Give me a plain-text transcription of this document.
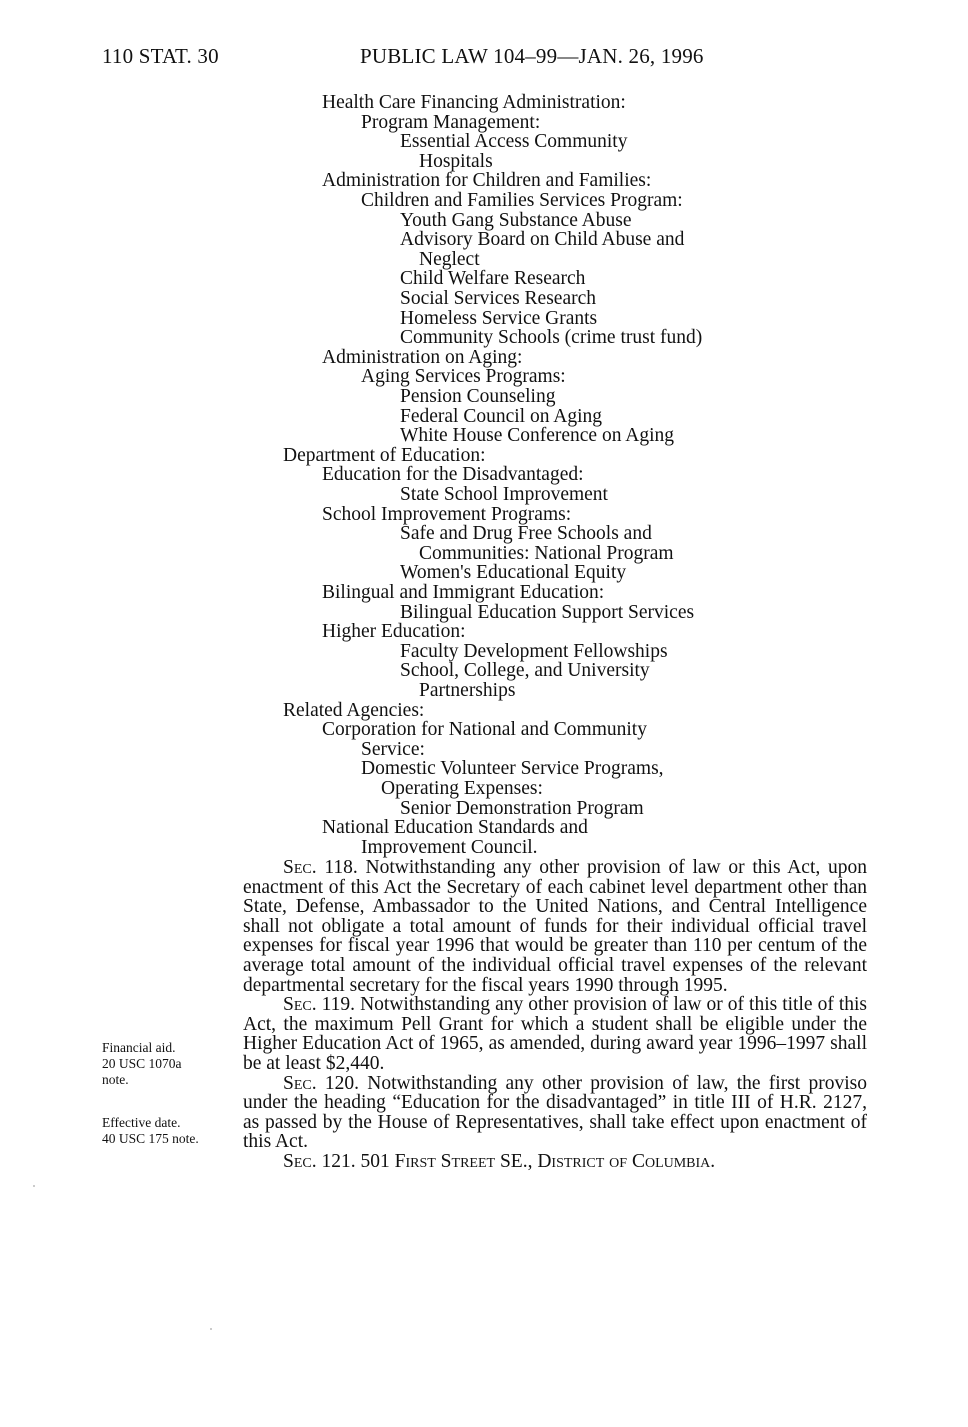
110 STAT. 30	PUBLIC LAW 104–99—JAN. 26, 1996
Health Care Financing Administration:
Program Management:
Essential Access Community
Hospitals
Administration for Children and Families:
Children and Families Services Program:
Youth Gang Substance Abuse
Advisory Board on Child Abuse and
Neglect
Child Welfare Research
Social Services Research
Homeless Service Grants
Community Schools (crime trust fund)
Administration on Aging:
Aging Services Programs:
Pension Counseling
Federal Council on Aging
White House Conference on Aging
Department of Education:
Education for the Disadvantaged:
State School Improvement
School Improvement Programs:
Safe and Drug Free Schools and
Communities: National Program
Women's Educational Equity
Bilingual and Immigrant Education:
Bilingual Education Support Services
Higher Education:
Faculty Development Fellowships
School, College, and University
Partnerships
Related Agencies:
Corporation for National and Community
Service:
Domestic Volunteer Service Programs,
Operating Expenses:
Senior Demonstration Program
National Education Standards and
Improvement Council.

Sec. 118. Notwithstanding any other provision of law or this Act, upon enactment of this Act the Secretary of each cabinet level department other than State, Defense, Ambassador to the United Nations, and Central Intelligence shall not obligate a total amount of funds for their individual official travel expenses for fiscal year 1996 that would be greater than 110 per centum of the average total amount of the individual official travel expenses of the relevant departmental secretary for the fiscal years 1990 through 1995.

Sec. 119. Notwithstanding any other provision of law or of this title of this Act, the maximum Pell Grant for which a student shall be eligible under the Higher Education Act of 1965, as amended, during award year 1996–1997 shall be at least $2,440.

Sec. 120. Notwithstanding any other provision of law, the first proviso under the heading “Education for the disadvantaged” in title III of H.R. 2127, as passed by the House of Representatives, shall take effect upon enactment of this Act.

Sec. 121. 501 First Street SE., District of Columbia.

Financial aid.
20 USC 1070a
note.
Effective date.
40 USC 175 note.
